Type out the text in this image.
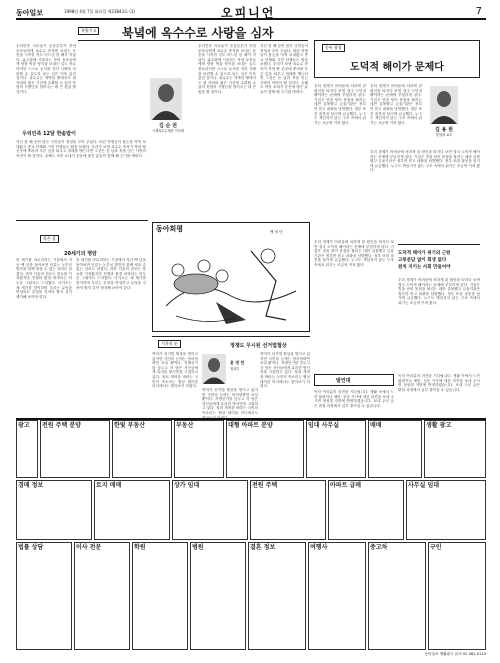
동아일보	1998년 4월 7일 화요일 제23843호 (3)	오피니언	7
특별기고 북녘에 옥수수로 사랑을 심자
우리민족 서로돕기 운동본부가 북녘 동포들에게 옥수수 종자를 보내는 운동을 시작한 지도 어느덧 한 해가 지났다. 굶주림에 시달리는 북녘 동포들에게 당장 먹을 양식을 보내는 일도 중요하지만 스스로 농사를 지어 식량을 마련할 수 있도록 돕는 일은 더욱 값진 일이다. 옥수수는 척박한 땅에서도 잘 자라며 짧은 기간에 수확할 수 있어 북녘의 식량난을 덜어주는 데 큰 몫을 할 것이다.
우리민족 12달 한솥밥이
지난 한 해 동안 많은 국민들이 정성을 모아 주었다. 어린 학생들이 용돈을 아껴 보내왔고 종교 단체와 시민 단체들도 힘을 보탰다. 우리가 보낸 옥수수 종자가 북녘 땅 곳곳에 뿌려져 푸른 잎을 틔우고 열매를 맺는다면 그것은 곧 남과 북을 잇는 사랑의 씨앗이 될 것이다. 올해도 씨앗 보내기 운동에 많은 분들이 함께 해 주기를 바란다.
김 순 권
국제옥수수재단 이사장
우리민족 서로돕기 운동본부가 북녘 동포들에게 옥수수 종자를 보내는 운동을 시작한 지도 어느덧 한 해가 지났다. 굶주림에 시달리는 북녘 동포들에게 당장 먹을 양식을 보내는 일도 중요하지만 스스로 농사를 지어 식량을 마련할 수 있도록 돕는 일은 더욱 값진 일이다. 옥수수는 척박한 땅에서도 잘 자라며 짧은 기간에 수확할 수 있어 북녘의 식량난을 덜어주는 데 큰 몫을 할 것이다.
지난 한 해 동안 많은 국민들이 정성을 모아 주었다. 어린 학생들이 용돈을 아껴 보내왔고 종교 단체와 시민 단체들도 힘을 보탰다. 우리가 보낸 옥수수 종자가 북녘 땅 곳곳에 뿌려져 푸른 잎을 틔우고 열매를 맺는다면 그것은 곧 남과 북을 잇는 사랑의 씨앗이 될 것이다. 올해도 씨앗 보내기 운동에 많은 분들이 함께 해 주기를 바란다.
동아 광장
도덕적 해이가 문제다
우리 경제가 어려움에 처하게 된 원인을 따지다 보면 결국 도덕적 해이라는 문제에 부딪히게 된다. 기업은 빚을 얻어 몸집을 불리는 데만 골몰했고 금융기관은 정부만 믿고 대출을 남발했다. 정부 또한 잘못을 덮기에 급급했다. 누구도 책임지지 않는 구조 속에서 위기는 조금씩 커져 왔다.
우리 경제가 어려움에 처하게 된 원인을 따지다 보면 결국 도덕적 해이라는 문제에 부딪히게 된다. 기업은 빚을 얻어 몸집을 불리는 데만 골몰했고 금융기관은 정부만 믿고 대출을 남발했다. 정부 또한 잘못을 덮기에 급급했다. 누구도 책임지지 않는 구조 속에서 위기는 조금씩 커져 왔다.
김 용 원
한성대 교수
우리 경제가 어려움에 처하게 된 원인을 따지다 보면 결국 도덕적 해이라는 문제에 부딪히게 된다. 기업은 빚을 얻어 몸집을 불리는 데만 골몰했고 금융기관은 정부만 믿고 대출을 남발했다. 정부 또한 잘못을 덮기에 급급했다. 누구도 책임지지 않는 구조 속에서 위기는 조금씩 커져 왔다.
도덕적 해이가 위기의 근원
고통분담 없이 회생 없다
원칙 지키는 사회 만들어야
우리 경제가 어려움에 처하게 된 원인을 따지다 보면 결국 도덕적 해이라는 문제에 부딪히게 된다. 기업은 빚을 얻어 몸집을 불리는 데만 골몰했고 금융기관은 정부만 믿고 대출을 남발했다. 정부 또한 잘못을 덮기에 급급했다. 누구도 책임지지 않는 구조 속에서 위기는 조금씩 커져 왔다.
우리 경제가 어려움에 처하게 된 원인을 따지다 보면 결국 도덕적 해이라는 문제에 부딪히게 된다. 기업은 빚을 얻어 몸집을 불리는 데만 골몰했고 금융기관은 정부만 믿고 대출을 남발했다. 정부 또한 잘못을 덮기에 급급했다. 누구도 책임지지 않는 구조 속에서 위기는 조금씩 커져 왔다.
작은 창
20세기의 명암
한 세기를 마무리하는 시점에서 지난 백 년을 돌아보면 인류는 눈부신 발전과 함께 씻을 수 없는 상처도 남겼다. 과학 기술의 진보는 풍요를 가져왔지만 전쟁과 환경 파괴라는 어두운 그림자도 드리웠다. 다가오는 새 세기를 맞이하며 우리는 무엇을 반성하고 무엇을 지켜야 할지 깊이 생각해 보아야 한다.
한 세기를 마무리하는 시점에서 지난 백 년을 돌아보면 인류는 눈부신 발전과 함께 씻을 수 없는 상처도 남겼다. 과학 기술의 진보는 풍요를 가져왔지만 전쟁과 환경 파괴라는 어두운 그림자도 드리웠다. 다가오는 새 세기를 맞이하며 우리는 무엇을 반성하고 무엇을 지켜야 할지 깊이 생각해 보아야 한다.
동아희평	백 성 민
기자의 눈	정쟁도 무시된 선거법협상
여야가 선거법 협상을 벌이고 있지만 국민의 눈에는 당리당략만 보일 뿐이다. 지방선거를 앞두고 각 당은 자신들에게 유리한 방식만을 고집하고 있다. 정치 개혁을 바라는 국민의 목소리는 협상 테이블 어디에서도 찾아보기 어렵다.
윤 영 찬
정치부
여야가 선거법 협상을 벌이고 있지만 국민의 눈에는 당리당략만 보일 뿐이다. 지방선거를 앞두고 각 당은 자신들에게 유리한 방식만을 고집하고 있다. 정치 개혁을 바라는 국민의 목소리는 협상 테이블 어디에서도 찾아보기 어렵다.
여야가 선거법 협상을 벌이고 있지만 국민의 눈에는 당리당략만 보일 뿐이다. 지방선거를 앞두고 각 당은 자신들에게 유리한 방식만을 고집하고 있다. 정치 개혁을 바라는 국민의 목소리는 협상 테이블 어디에서도 찾아보기 어렵다.
발언대
독자 여러분의 의견을 기다립니다. 생활 속에서 느낀 불편이나 제안, 신문 기사에 대한 의견을 보내 주시면 정성껏 지면에 반영하겠습니다. 보내 주신 글은 편집 과정에서 일부 줄여질 수 있습니다.
독자 여러분의 의견을 기다립니다. 생활 속에서 느낀 불편이나 제안, 신문 기사에 대한 의견을 보내 주시면 정성껏 지면에 반영하겠습니다. 보내 주신 글은 편집 과정에서 일부 줄여질 수 있습니다.
광고	전원 주택 분양	한빛 부동산	부동산	대형 아파트 분양	임대 사무실	매매	생활 광고
경매 정보	토지 매매	상가 임대	전원 주택	아파트 급매	사무실 임대
법률 상담	이사 전문	학원	병원	결혼 정보	여행사	중고차	구인
동아일보 생활광고 문의 02-361-0114
